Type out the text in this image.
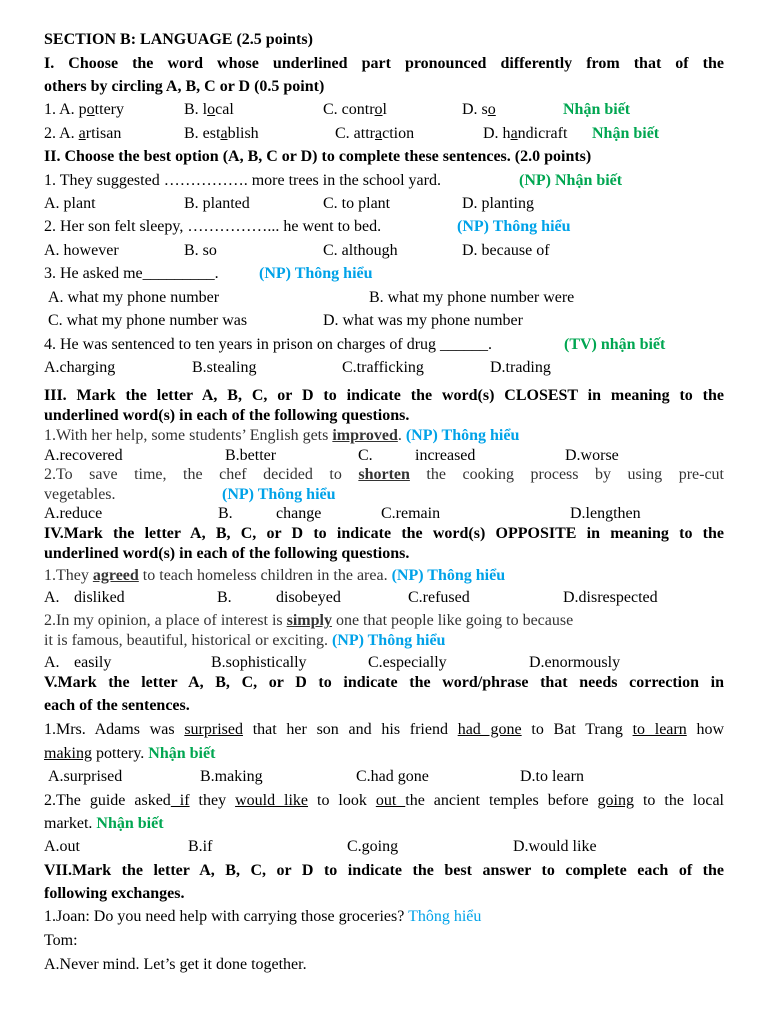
SECTION B: LANGUAGE (2.5 points)
I. Choose the word whose underlined part pronounced differently from that of the
others by circling A, B, C or D (0.5 point)
1. A. pottery	B. local	C. control	D. so	Nhận biết
2. A. artisan	B. establish	C. attraction	D. handicraft Nhận biết
II. Choose the best option (A, B, C or D) to complete these sentences. (2.0 points)
1. They suggested ……………. more trees in the school yard.	(NP) Nhận biết
A. plant	B. planted	C. to plant	D. planting
2. Her son felt sleepy, ……………... he went to bed.	(NP) Thông hiểu
A. however	B. so	C. although	D. because of
3. He asked me_________.	(NP) Thông hiểu
A. what my phone number	B. what my phone number were
C. what my phone number was	D. what was my phone number
4. He was sentenced to ten years in prison on charges of drug ______.	(TV) nhận biết
A.charging	B.stealing	C.trafficking	D.trading
III. Mark the letter A, B, C, or D to indicate the word(s) CLOSEST in meaning to the
underlined word(s) in each of the following questions.
1.With her help, some students’ English gets improved. (NP) Thông hiểu
A.recovered	B.better	C.	increased	D.worse
2.To save time, the chef decided to shorten the cooking process by using pre-cut
vegetables.	(NP) Thông hiểu
A.reduce	B.	change	C.remain	D.lengthen
IV.Mark the letter A, B, C, or D to indicate the word(s) OPPOSITE in meaning to the
underlined word(s) in each of the following questions.
1.They agreed to teach homeless children in the area. (NP) Thông hiểu
A. disliked	B.	disobeyed	C.refused	D.disrespected
2.In my opinion, a place of interest is simply one that people like going to because
it is famous, beautiful, historical or exciting. (NP) Thông hiểu
A. easily	B.sophistically	C.especially	D.enormously
V.Mark the letter A, B, C, or D to indicate the word/phrase that needs correction in
each of the sentences.
1.Mrs. Adams was surprised that her son and his friend had gone to Bat Trang to learn how
making pottery. Nhận biết
A.surprised	B.making	C.had gone	D.to learn
2.The guide asked if they would like to look out the ancient temples before going to the local
market. Nhận biết
A.out	B.if	C.going	D.would like
VII.Mark the letter A, B, C, or D to indicate the best answer to complete each of the
following exchanges.
1.Joan: Do you need help with carrying those groceries? Thông hiểu
Tom:
A.Never mind. Let’s get it done together.
